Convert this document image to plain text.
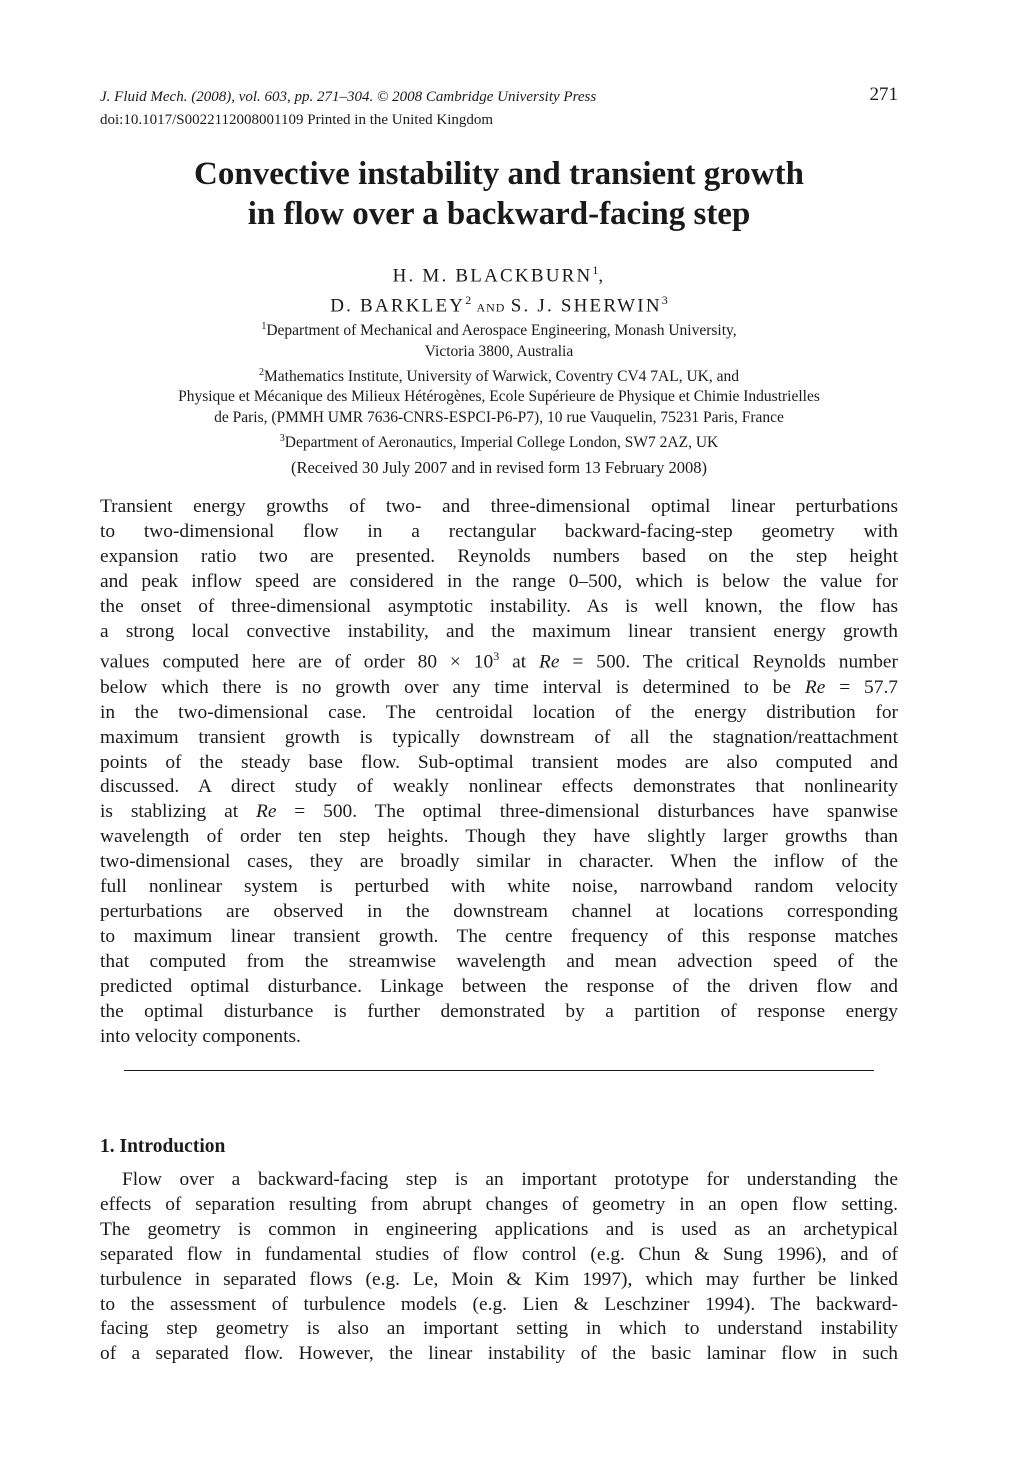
J. Fluid Mech. (2008), vol. 603, pp. 271–304. © 2008 Cambridge University Press
doi:10.1017/S0022112008001109 Printed in the United Kingdom
271
Convective instability and transient growth
in flow over a backward-facing step
H. M. BLACKBURN$^1$,
D. BARKLEY$^2$ and S. J. SHERWIN$^3$
$^1$Department of Mechanical and Aerospace Engineering, Monash University,
Victoria 3800, Australia
$^2$Mathematics Institute, University of Warwick, Coventry CV4 7AL, UK, and
Physique et Mécanique des Milieux Hétérogènes, Ecole Supérieure de Physique et Chimie Industrielles
de Paris, (PMMH UMR 7636-CNRS-ESPCI-P6-P7), 10 rue Vauquelin, 75231 Paris, France
$^3$Department of Aeronautics, Imperial College London, SW7 2AZ, UK
(Received 30 July 2007 and in revised form 13 February 2008)
Transient energy growths of two- and three-dimensional optimal linear perturbations
to two-dimensional flow in a rectangular backward-facing-step geometry with
expansion ratio two are presented. Reynolds numbers based on the step height
and peak inflow speed are considered in the range 0–500, which is below the value for
the onset of three-dimensional asymptotic instability. As is well known, the flow has
a strong local convective instability, and the maximum linear transient energy growth
values computed here are of order $80 \times 10^3$ at Re = 500. The critical Reynolds number
below which there is no growth over any time interval is determined to be Re = 57.7
in the two-dimensional case. The centroidal location of the energy distribution for
maximum transient growth is typically downstream of all the stagnation/reattachment
points of the steady base flow. Sub-optimal transient modes are also computed and
discussed. A direct study of weakly nonlinear effects demonstrates that nonlinearity
is stablizing at Re = 500. The optimal three-dimensional disturbances have spanwise
wavelength of order ten step heights. Though they have slightly larger growths than
two-dimensional cases, they are broadly similar in character. When the inflow of the
full nonlinear system is perturbed with white noise, narrowband random velocity
perturbations are observed in the downstream channel at locations corresponding
to maximum linear transient growth. The centre frequency of this response matches
that computed from the streamwise wavelength and mean advection speed of the
predicted optimal disturbance. Linkage between the response of the driven flow and
the optimal disturbance is further demonstrated by a partition of response energy
into velocity components.
1. Introduction
Flow over a backward-facing step is an important prototype for understanding the
effects of separation resulting from abrupt changes of geometry in an open flow setting.
The geometry is common in engineering applications and is used as an archetypical
separated flow in fundamental studies of flow control (e.g. Chun & Sung 1996), and of
turbulence in separated flows (e.g. Le, Moin & Kim 1997), which may further be linked
to the assessment of turbulence models (e.g. Lien & Leschziner 1994). The backward-
facing step geometry is also an important setting in which to understand instability
of a separated flow. However, the linear instability of the basic laminar flow in such
